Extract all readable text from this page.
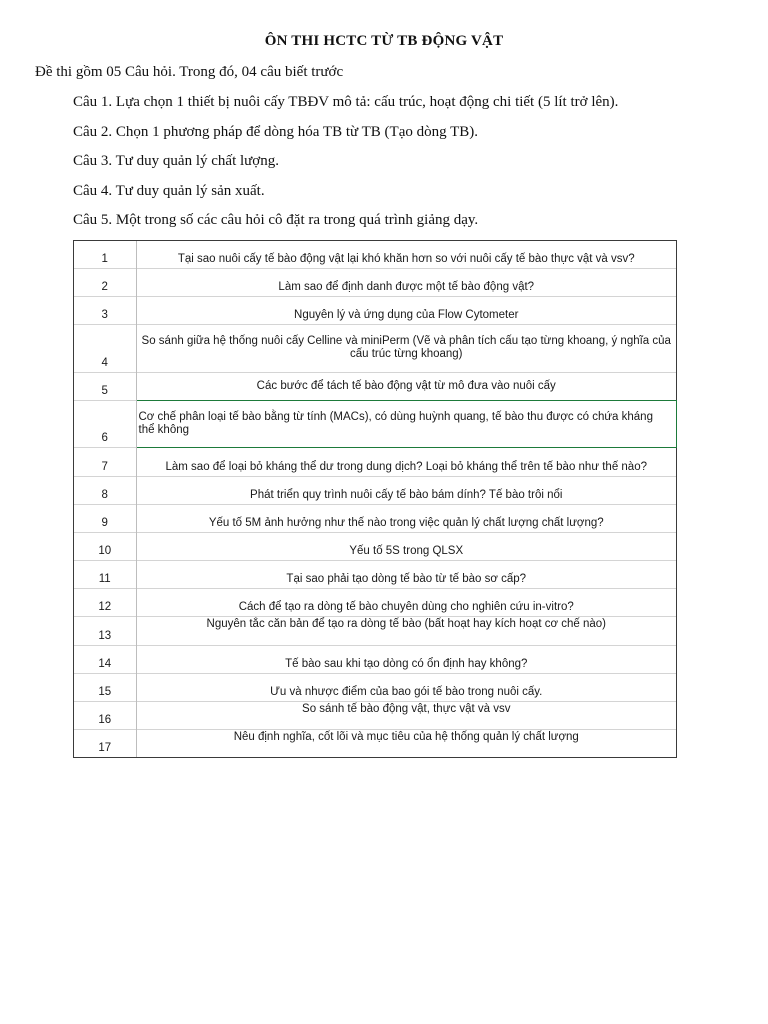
ÔN THI HCTC TỪ TB ĐỘNG VẬT
Đề thi gồm 05 Câu hỏi. Trong đó, 04 câu biết trước
Câu 1. Lựa chọn 1 thiết bị nuôi cấy TBĐV mô tả: cấu trúc, hoạt động chi tiết (5 lít trở lên).
Câu 2. Chọn 1 phương pháp để dòng hóa TB từ TB (Tạo dòng TB).
Câu 3. Tư duy quản lý chất lượng.
Câu 4. Tư duy quản lý sản xuất.
Câu 5. Một trong số các câu hỏi cô đặt ra trong quá trình giảng dạy.
1	Tại sao nuôi cấy tế bào động vật lại khó khăn hơn so với nuôi cấy tế bào thực vật và vsv?
2	Làm sao để định danh được một tế bào động vật?
3	Nguyên lý và ứng dụng của Flow Cytometer
4	So sánh giữa hệ thống nuôi cấy Celline và miniPerm (Vẽ và phân tích cấu tạo từng khoang, ý nghĩa của cấu trúc từng khoang)
5	Các bước để tách tế bào động vật từ mô đưa vào nuôi cấy
6	Cơ chế phân loại tế bào bằng từ tính (MACs), có dùng huỳnh quang, tế bào thu được có chứa kháng thể không
7	Làm sao để loại bỏ kháng thể dư trong dung dịch? Loại bỏ kháng thể trên tế bào như thế nào?
8	Phát triển quy trình nuôi cấy tế bào bám dính? Tế bào trôi nổi
9	Yếu tố 5M ảnh hưởng như thế nào trong việc quản lý chất lượng chất lượng?
10	Yếu tố 5S trong QLSX
11	Tại sao phải tạo dòng tế bào từ tế bào sơ cấp?
12	Cách để tạo ra dòng tế bào chuyên dùng cho nghiên cứu in-vitro?
13	Nguyên tắc căn bản để tạo ra dòng tế bào (bất hoạt hay kích hoạt cơ chế nào)
14	Tế bào sau khi tạo dòng có ổn định hay không?
15	Ưu và nhược điểm của bao gói tế bào trong nuôi cấy.
16	So sánh tế bào động vật, thực vật và vsv
17	Nêu định nghĩa, cốt lõi và mục tiêu của hệ thống quản lý chất lượng
